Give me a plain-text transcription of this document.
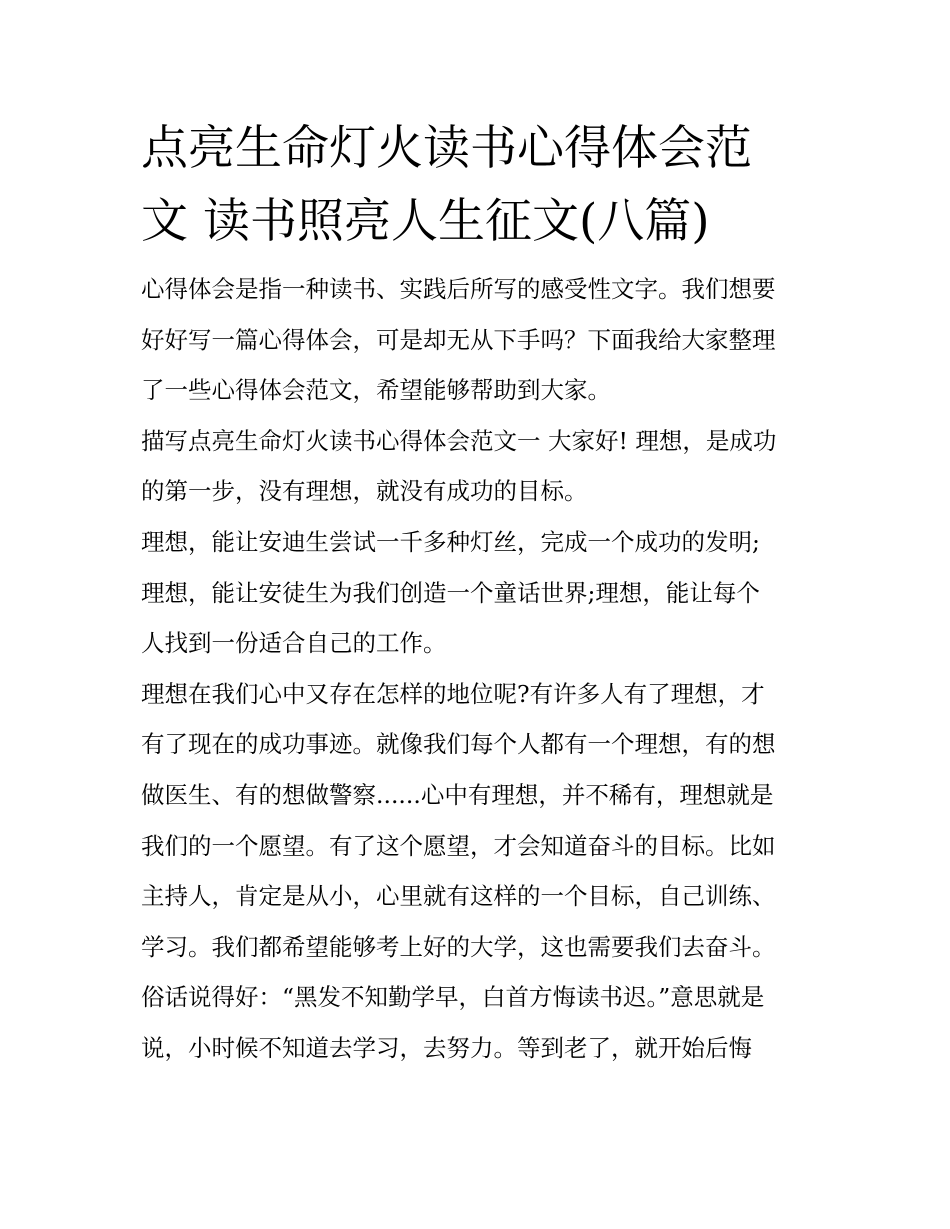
点亮生命灯火读书心得体会范
文 读书照亮人生征文(八篇)
心得体会是指一种读书、实践后所写的感受性文字。我们想要
好好写一篇心得体会，可是却无从下手吗？下面我给大家整理
了一些心得体会范文，希望能够帮助到大家。
描写点亮生命灯火读书心得体会范文一 大家好! 理想，是成功
的第一步，没有理想，就没有成功的目标。
理想，能让安迪生尝试一千多种灯丝，完成一个成功的发明;
理想，能让安徒生为我们创造一个童话世界;理想，能让每个
人找到一份适合自己的工作。
理想在我们心中又存在怎样的地位呢?有许多人有了理想，才
有了现在的成功事迹。就像我们每个人都有一个理想，有的想
做医生、有的想做警察......心中有理想，并不稀有，理想就是
我们的一个愿望。有了这个愿望，才会知道奋斗的目标。比如
主持人，肯定是从小，心里就有这样的一个目标，自己训练、
学习。我们都希望能够考上好的大学，这也需要我们去奋斗。
俗话说得好：“黑发不知勤学早，白首方悔读书迟。”意思就是
说，小时候不知道去学习，去努力。等到老了，就开始后悔
